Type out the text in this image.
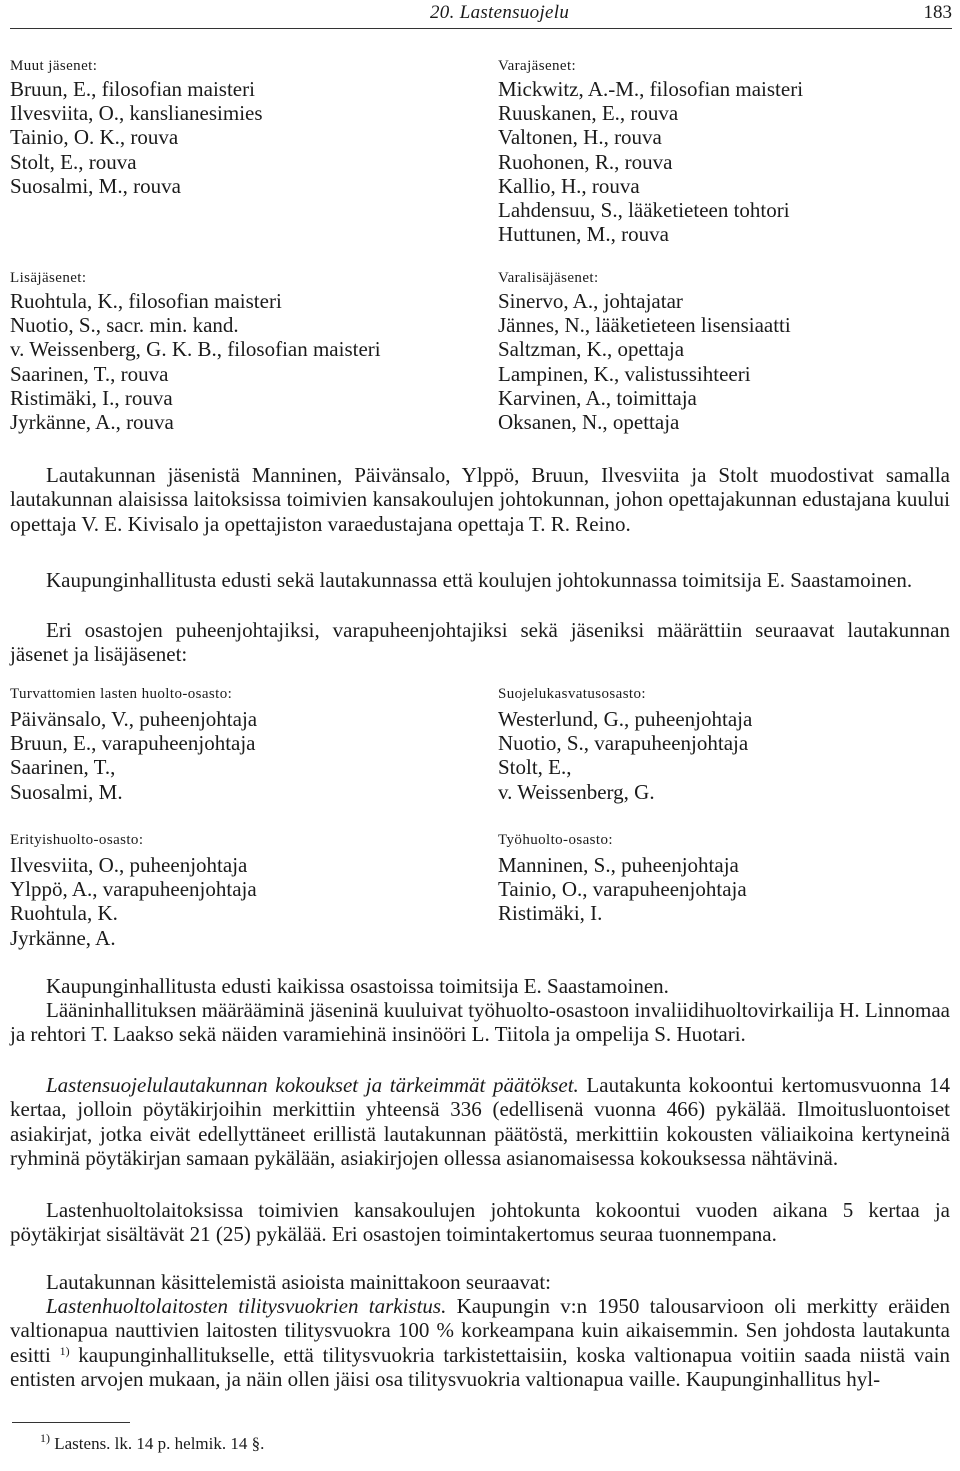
20. Lastensuojelu	183
Muut jäsenet:
Bruun, E., filosofian maisteri
Ilvesviita, O., kanslianesimies
Tainio, O. K., rouva
Stolt, E., rouva
Suosalmi, M., rouva
Varajäsenet:
Mickwitz, A.-M., filosofian maisteri
Ruuskanen, E., rouva
Valtonen, H., rouva
Ruohonen, R., rouva
Kallio, H., rouva
Lahdensuu, S., lääketieteen tohtori
Huttunen, M., rouva
Lisäjäsenet:
Ruohtula, K., filosofian maisteri
Nuotio, S., sacr. min. kand.
v. Weissenberg, G. K. B., filosofian maisteri
Saarinen, T., rouva
Ristimäki, I., rouva
Jyrkänne, A., rouva
Varalisäjäsenet:
Sinervo, A., johtajatar
Jännes, N., lääketieteen lisensiaatti
Saltzman, K., opettaja
Lampinen, K., valistussihteeri
Karvinen, A., toimittaja
Oksanen, N., opettaja
Lautakunnan jäsenistä Manninen, Päivänsalo, Ylppö, Bruun, Ilvesviita ja Stolt muodostivat samalla lautakunnan alaisissa laitoksissa toimivien kansakoulujen johtokunnan, johon opettajakunnan edustajana kuului opettaja V. E. Kivisalo ja opettajiston varaedustajana opettaja T. R. Reino.
Kaupunginhallitusta edusti sekä lautakunnassa että koulujen johtokunnassa toimitsija E. Saastamoinen.
Eri osastojen puheenjohtajiksi, varapuheenjohtajiksi sekä jäseniksi määrättiin seuraavat lautakunnan jäsenet ja lisäjäsenet:
Turvattomien lasten huolto-osasto:
Päivänsalo, V., puheenjohtaja
Bruun, E., varapuheenjohtaja
Saarinen, T.,
Suosalmi, M.
Suojelukasvatusosasto:
Westerlund, G., puheenjohtaja
Nuotio, S., varapuheenjohtaja
Stolt, E.,
v. Weissenberg, G.
Erityishuolto-osasto:
Ilvesviita, O., puheenjohtaja
Ylppö, A., varapuheenjohtaja
Ruohtula, K.
Jyrkänne, A.
Työhuolto-osasto:
Manninen, S., puheenjohtaja
Tainio, O., varapuheenjohtaja
Ristimäki, I.
Kaupunginhallitusta edusti kaikissa osastoissa toimitsija E. Saastamoinen.
Lääninhallituksen määrääminä jäseninä kuuluivat työhuolto-osastoon invaliidihuoltovirkailija H. Linnomaa ja rehtori T. Laakso sekä näiden varamiehinä insinööri L. Tiitola ja ompelija S. Huotari.
Lastensuojelulautakunnan kokoukset ja tärkeimmät päätökset. Lautakunta kokoontui kertomusvuonna 14 kertaa, jolloin pöytäkirjoihin merkittiin yhteensä 336 (edellisenä vuonna 466) pykälää. Ilmoitusluontoiset asiakirjat, jotka eivät edellyttäneet erillistä lautakunnan päätöstä, merkittiin kokousten väliaikoina kertyneinä ryhminä pöytäkirjan samaan pykälään, asiakirjojen ollessa asianomaisessa kokouksessa nähtävinä.
Lastenhuoltolaitoksissa toimivien kansakoulujen johtokunta kokoontui vuoden aikana 5 kertaa ja pöytäkirjat sisältävät 21 (25) pykälää. Eri osastojen toimintakertomus seuraa tuonnempana.
Lautakunnan käsittelemistä asioista mainittakoon seuraavat:
Lastenhuoltolaitosten tilitysvuokrien tarkistus. Kaupungin v:n 1950 talousarvioon oli merkitty eräiden valtionapua nauttivien laitosten tilitysvuokra 100 % korkeampana kuin aikaisemmin. Sen johdosta lautakunta esitti $^{1)}$ kaupunginhallitukselle, että tilitysvuokria tarkistettaisiin, koska valtionapua voitiin saada niistä vain entisten arvojen mukaan, ja näin ollen jäisi osa tilitysvuokria valtionapua vaille. Kaupunginhallitus hyl-
$^{1)}$ Lastens. lk. 14 p. helmik. 14 §.
